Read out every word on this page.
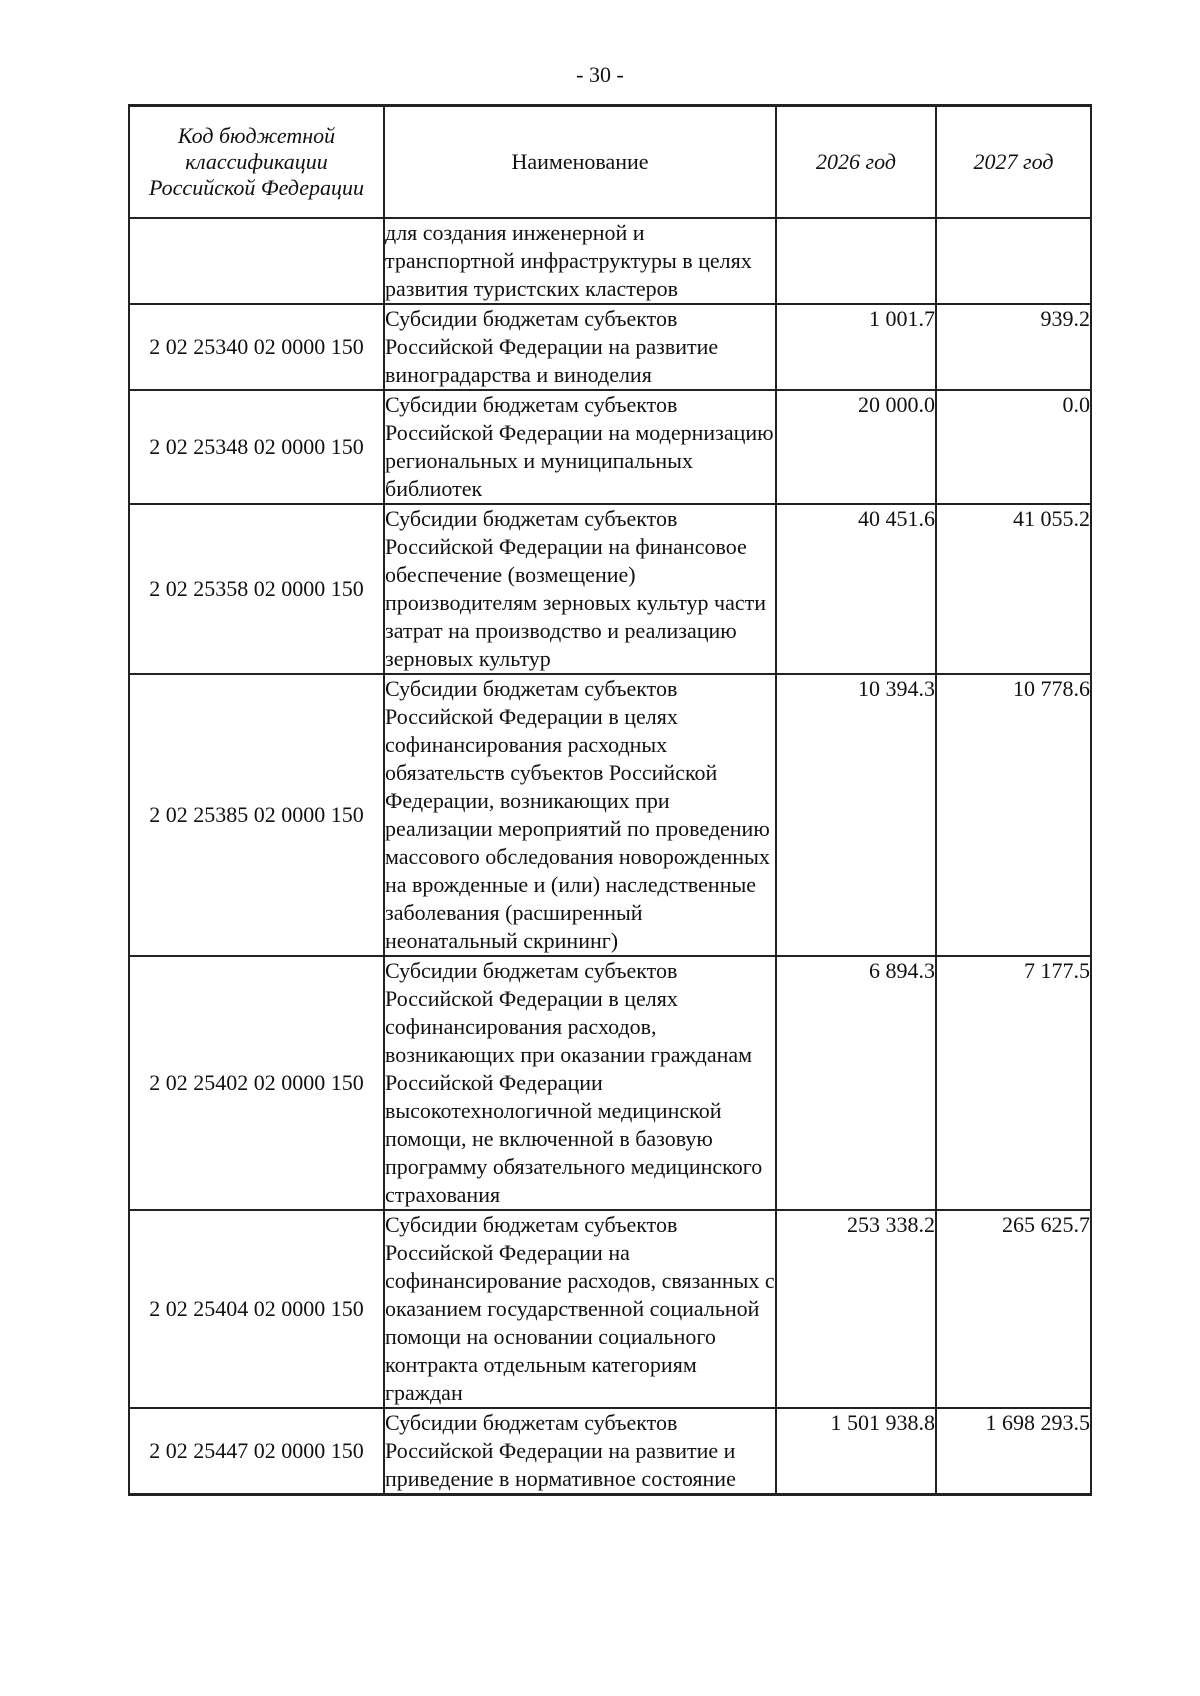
- 30 -
Код бюджетной классификации Российской Федерации	Наименование	2026 год	2027 год
	для создания инженерной и транспортной инфраструктуры в целях развития туристских кластеров		
2 02 25340 02 0000 150	Субсидии бюджетам субъектов Российской Федерации на развитие виноградарства и виноделия	1 001.7	939.2
2 02 25348 02 0000 150	Субсидии бюджетам субъектов Российской Федерации на модернизацию региональных и муниципальных библиотек	20 000.0	0.0
2 02 25358 02 0000 150	Субсидии бюджетам субъектов Российской Федерации на финансовое обеспечение (возмещение) производителям зерновых культур части затрат на производство и реализацию зерновых культур	40 451.6	41 055.2
2 02 25385 02 0000 150	Субсидии бюджетам субъектов Российской Федерации в целях софинансирования расходных обязательств субъектов Российской Федерации, возникающих при реализации мероприятий по проведению массового обследования новорожденных на врожденные и (или) наследственные заболевания (расширенный неонатальный скрининг)	10 394.3	10 778.6
2 02 25402 02 0000 150	Субсидии бюджетам субъектов Российской Федерации в целях софинансирования расходов, возникающих при оказании гражданам Российской Федерации высокотехнологичной медицинской помощи, не включенной в базовую программу обязательного медицинского страхования	6 894.3	7 177.5
2 02 25404 02 0000 150	Субсидии бюджетам субъектов Российской Федерации на софинансирование расходов, связанных с оказанием государственной социальной помощи на основании социального контракта отдельным категориям граждан	253 338.2	265 625.7
2 02 25447 02 0000 150	Субсидии бюджетам субъектов Российской Федерации на развитие и приведение в нормативное состояние	1 501 938.8	1 698 293.5
